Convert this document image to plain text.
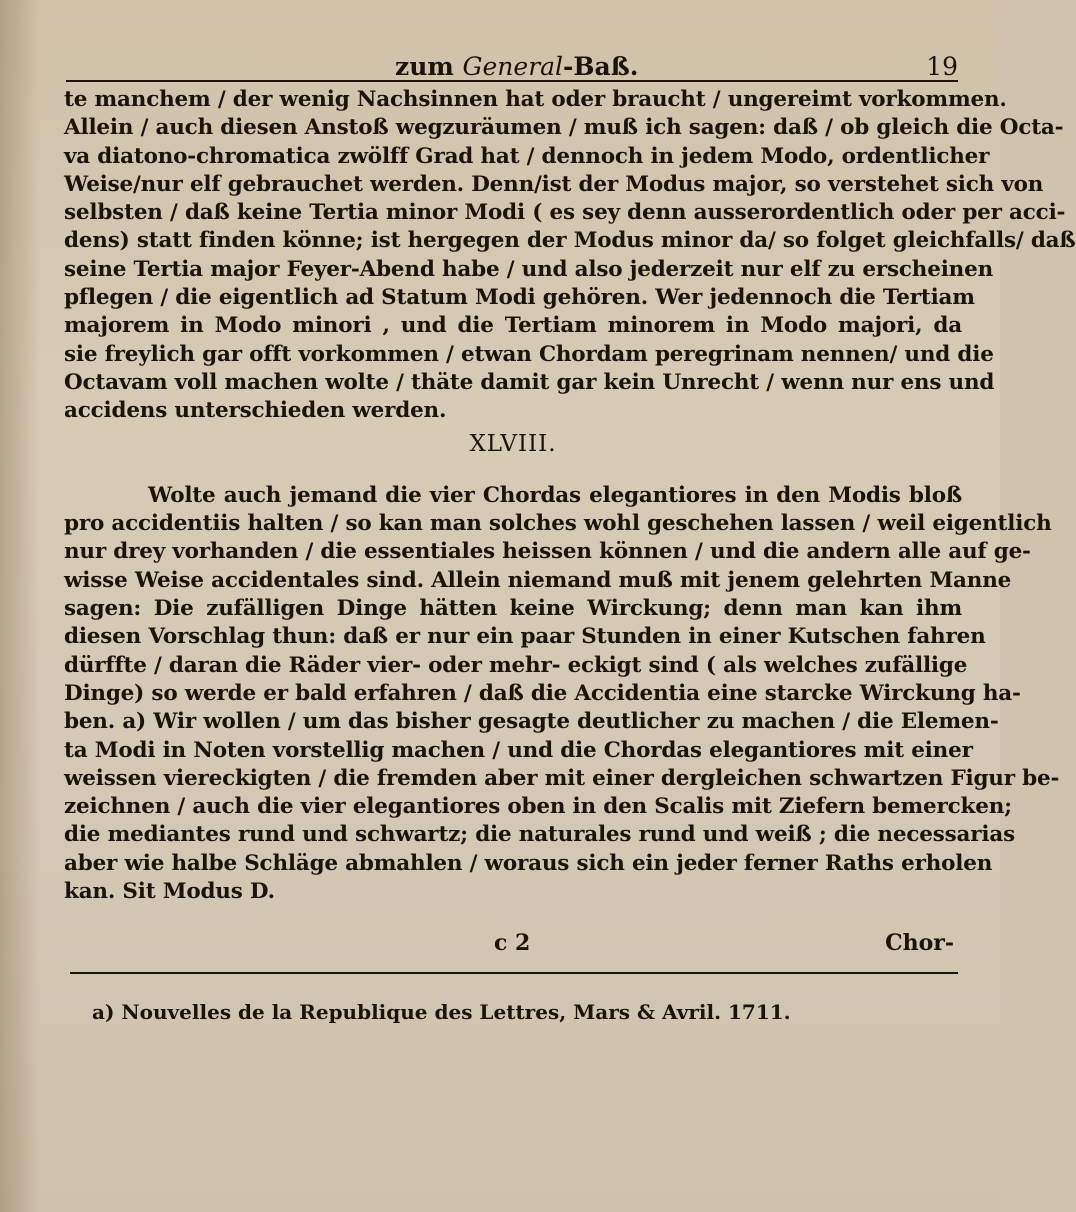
zum General-Baß.	19
te manchem / der wenig Nachsinnen hat oder braucht / ungereimt vorkommen.
Allein / auch diesen Anstoß wegzuräumen / muß ich sagen: daß / ob gleich die Octa-
va diatono-chromatica zwölff Grad hat / dennoch in jedem Modo, ordentlicher
Weise/nur elf gebrauchet werden. Denn/ist der Modus major, so verstehet sich von
selbsten / daß keine Tertia minor Modi ( es sey denn ausserordentlich oder per acci-
dens) statt finden könne; ist hergegen der Modus minor da/ so folget gleichfalls/ daß
seine Tertia major Feyer-Abend habe / und also jederzeit nur elf zu erscheinen
pflegen / die eigentlich ad Statum Modi gehören. Wer jedennoch die Tertiam
majorem in Modo minori , und die Tertiam minorem in Modo majori, da
sie freylich gar offt vorkommen / etwan Chordam peregrinam nennen/ und die
Octavam voll machen wolte / thäte damit gar kein Unrecht / wenn nur ens und
accidens unterschieden werden.
XLVIII.
Wolte auch jemand die vier Chordas elegantiores in den Modis bloß
pro accidentiis halten / so kan man solches wohl geschehen lassen / weil eigentlich
nur drey vorhanden / die essentiales heissen können / und die andern alle auf ge-
wisse Weise accidentales sind. Allein niemand muß mit jenem gelehrten Manne
sagen: Die zufälligen Dinge hätten keine Wirckung; denn man kan ihm
diesen Vorschlag thun: daß er nur ein paar Stunden in einer Kutschen fahren
dürffte / daran die Räder vier- oder mehr- eckigt sind ( als welches zufällige
Dinge) so werde er bald erfahren / daß die Accidentia eine starcke Wirckung ha-
ben. a) Wir wollen / um das bisher gesagte deutlicher zu machen / die Elemen-
ta Modi in Noten vorstellig machen / und die Chordas elegantiores mit einer
weissen viereckigten / die fremden aber mit einer dergleichen schwartzen Figur be-
zeichnen / auch die vier elegantiores oben in den Scalis mit Ziefern bemercken;
die mediantes rund und schwartz; die naturales rund und weiß ; die necessarias
aber wie halbe Schläge abmahlen / woraus sich ein jeder ferner Raths erholen
kan. Sit Modus D.
c 2	Chor-
a) Nouvelles de la Republique des Lettres, Mars & Avril. 1711.
